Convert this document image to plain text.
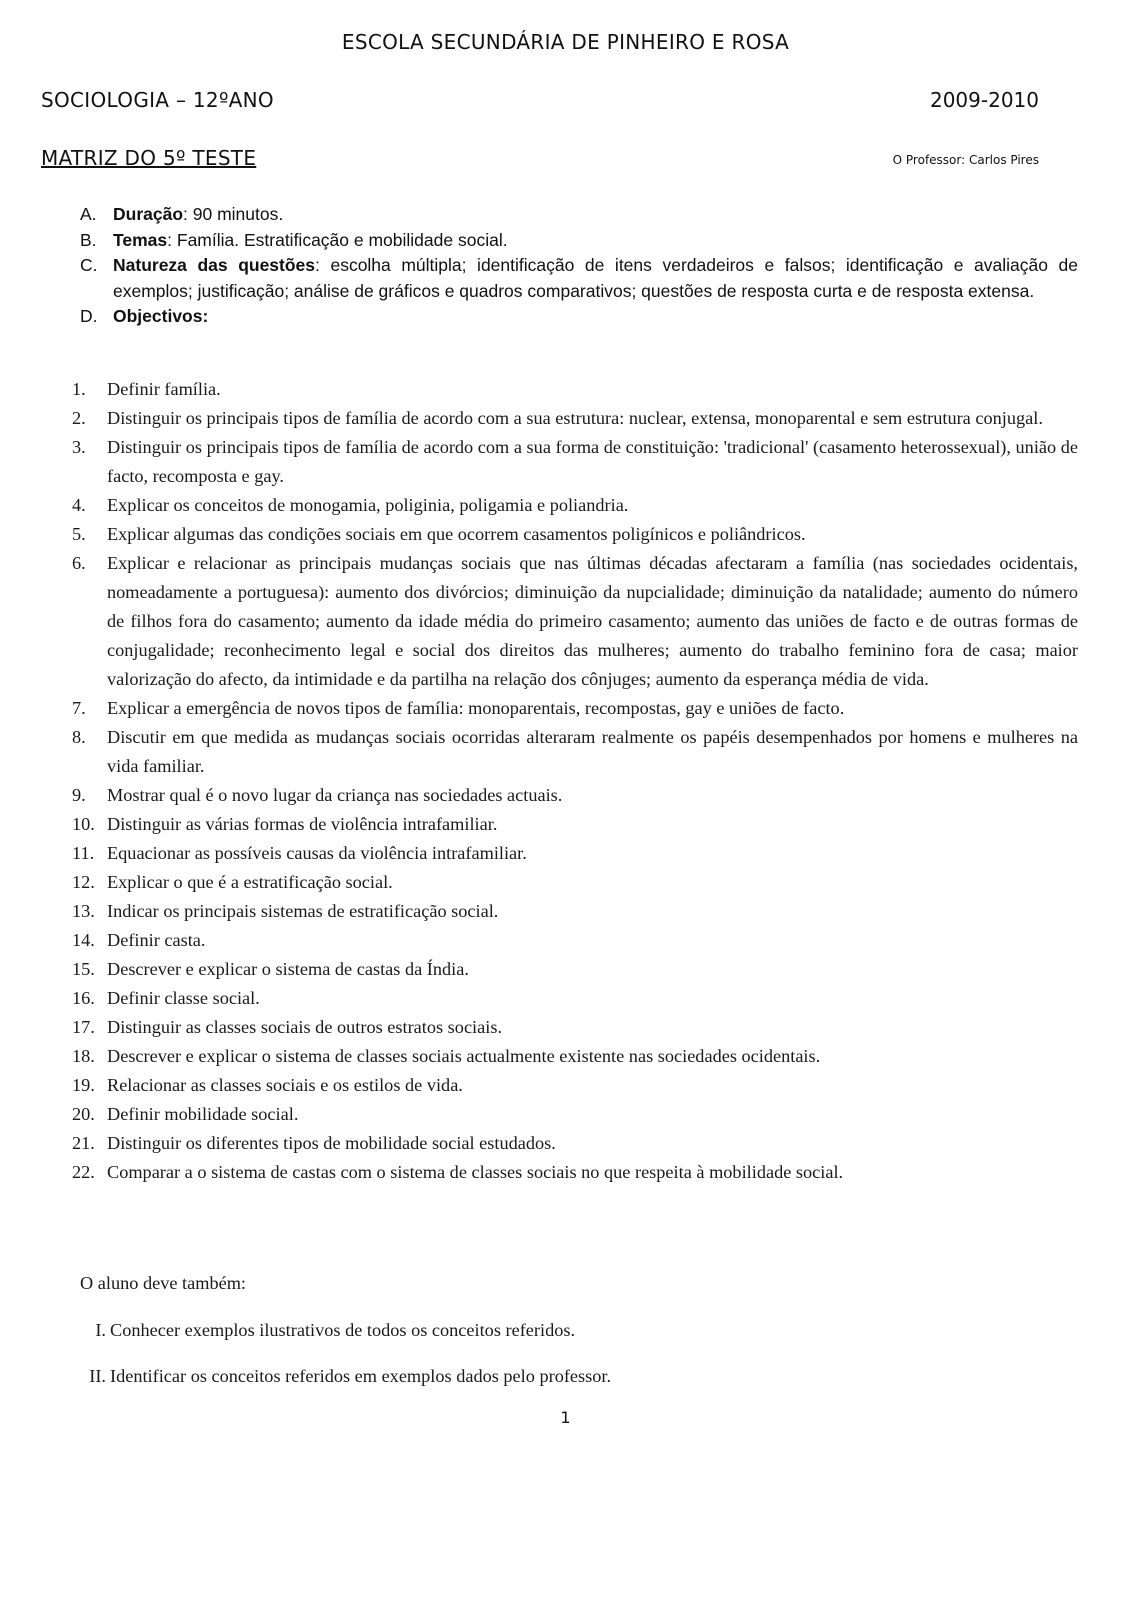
ESCOLA SECUNDÁRIA DE PINHEIRO E ROSA
SOCIOLOGIA – 12ºANO	2009-2010
MATRIZ DO 5º TESTE	O Professor: Carlos Pires
A. Duração: 90 minutos.
B. Temas: Família. Estratificação e mobilidade social.
C. Natureza das questões: escolha múltipla; identificação de itens verdadeiros e falsos; identificação e avaliação de exemplos; justificação; análise de gráficos e quadros comparativos; questões de resposta curta e de resposta extensa.
D. Objectivos:
1.	Definir família.
2.	Distinguir os principais tipos de família de acordo com a sua estrutura: nuclear, extensa, monoparental e sem estrutura conjugal.
3.	Distinguir os principais tipos de família de acordo com a sua forma de constituição: 'tradicional' (casamento heterossexual), união de facto, recomposta e gay.
4.	Explicar os conceitos de monogamia, poliginia, poligamia e poliandria.
5.	Explicar algumas das condições sociais em que ocorrem casamentos poligínicos e poliândricos.
6.	Explicar e relacionar as principais mudanças sociais que nas últimas décadas afectaram a família (nas sociedades ocidentais, nomeadamente a portuguesa): aumento dos divórcios; diminuição da nupcialidade; diminuição da natalidade; aumento do número de filhos fora do casamento; aumento da idade média do primeiro casamento; aumento das uniões de facto e de outras formas de conjugalidade; reconhecimento legal e social dos direitos das mulheres; aumento do trabalho feminino fora de casa; maior valorização do afecto, da intimidade e da partilha na relação dos cônjuges; aumento da esperança média de vida.
7.	Explicar a emergência de novos tipos de família: monoparentais, recompostas, gay e uniões de facto.
8.	Discutir em que medida as mudanças sociais ocorridas alteraram realmente os papéis desempenhados por homens e mulheres na vida familiar.
9.	Mostrar qual é o novo lugar da criança nas sociedades actuais.
10. Distinguir as várias formas de violência intrafamiliar.
11. Equacionar as possíveis causas da violência intrafamiliar.
12. Explicar o que é a estratificação social.
13. Indicar os principais sistemas de estratificação social.
14. Definir casta.
15. Descrever e explicar o sistema de castas da Índia.
16. Definir classe social.
17. Distinguir as classes sociais de outros estratos sociais.
18. Descrever e explicar o sistema de classes sociais actualmente existente nas sociedades ocidentais.
19. Relacionar as classes sociais e os estilos de vida.
20. Definir mobilidade social.
21. Distinguir os diferentes tipos de mobilidade social estudados.
22. Comparar a o sistema de castas com o sistema de classes sociais no que respeita à mobilidade social.
O aluno deve também:
I. Conhecer exemplos ilustrativos de todos os conceitos referidos.
II. Identificar os conceitos referidos em exemplos dados pelo professor.
1
